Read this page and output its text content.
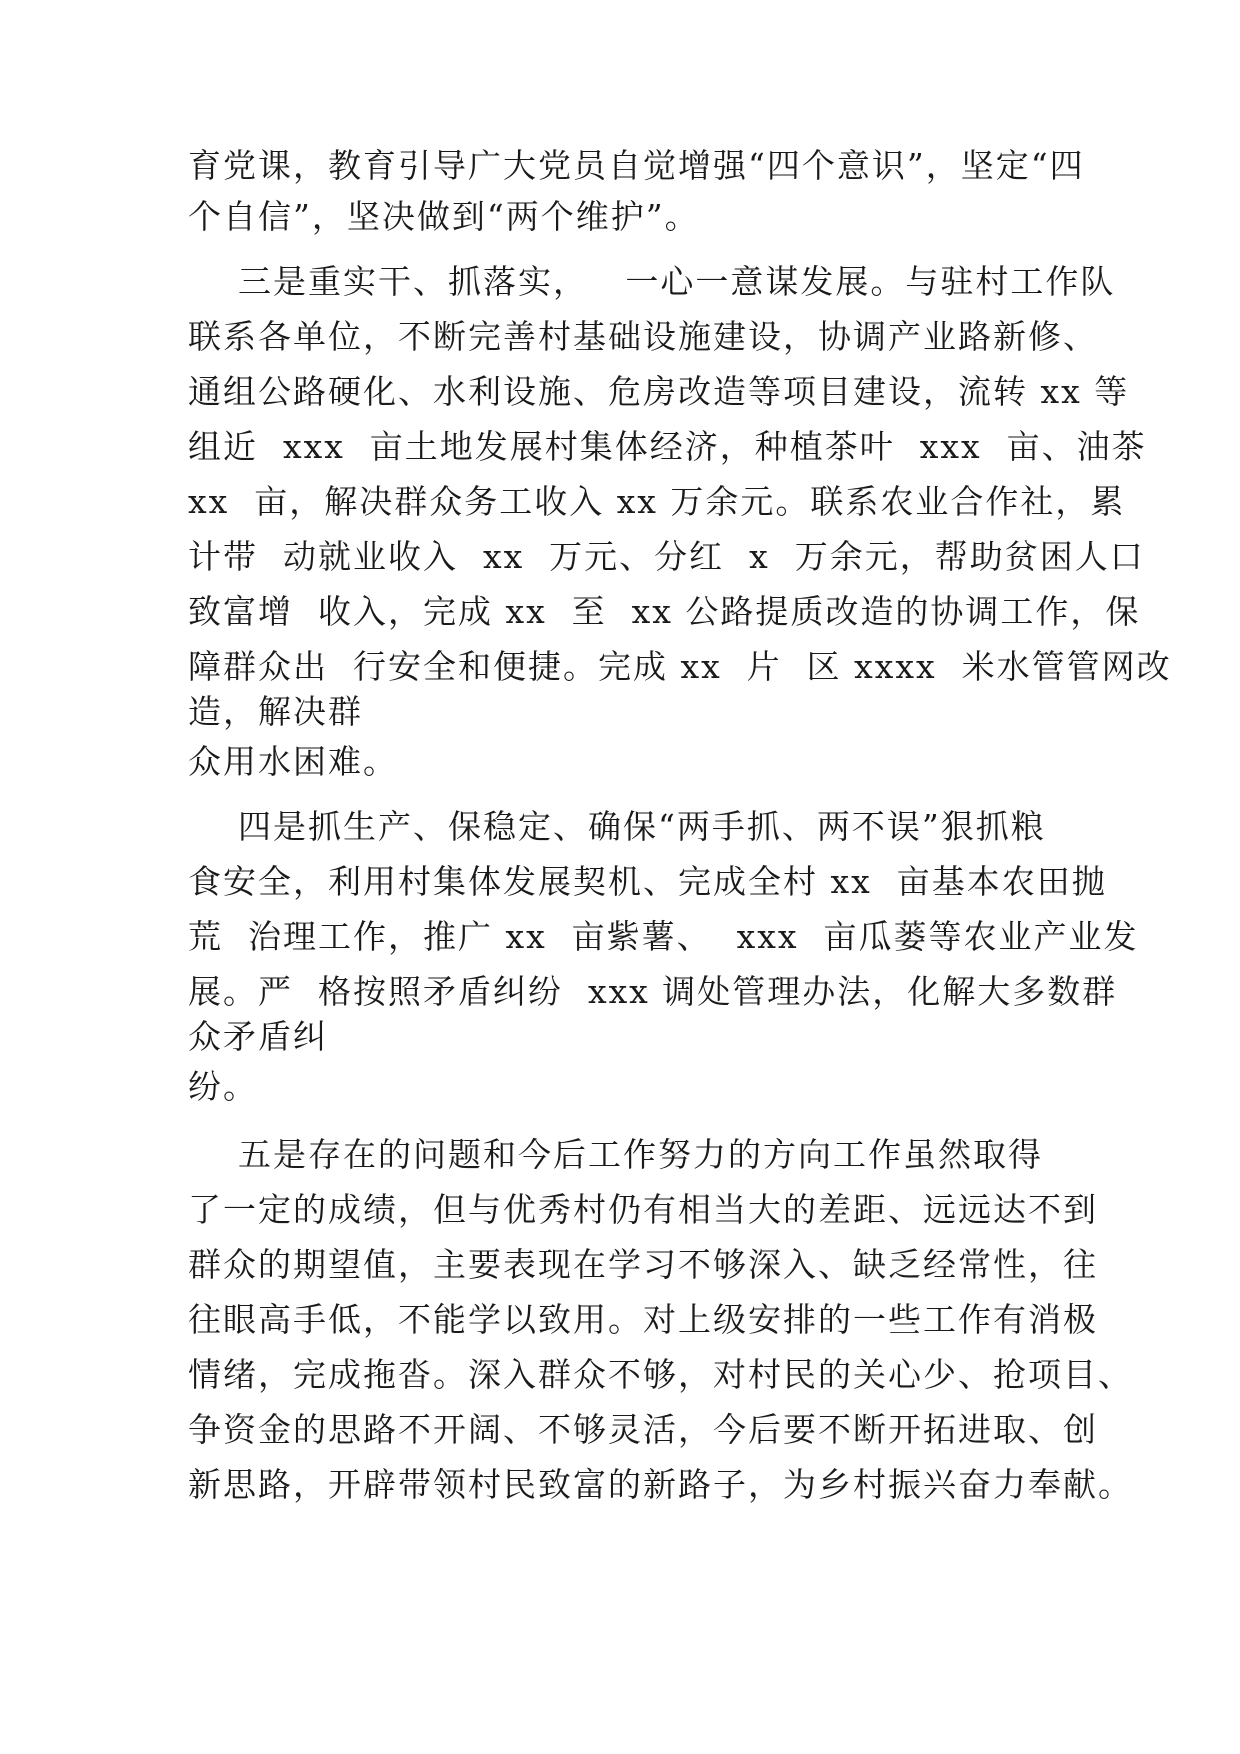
育党课，教育引导广大党员自觉增强“四个意识”，坚定“四
个自信”，坚决做到“两个维护”。
三是重实干、抓落实，   一心一意谋发展。与驻村工作队
联系各单位，不断完善村基础设施建设，协调产业路新修、
通组公路硬化、水利设施、危房改造等项目建设，流转 xx 等
组近  xxx  亩土地发展村集体经济，种植茶叶  xxx  亩、油茶
xx  亩，解决群众务工收入 xx 万余元。联系农业合作社，累
计带  动就业收入  xx  万元、分红  x  万余元，帮助贫困人口
致富增  收入，完成 xx  至  xx 公路提质改造的协调工作，保
障群众出  行安全和便捷。完成 xx  片  区 xxxx  米水管管网改
造，解决群
众用水困难。
四是抓生产、保稳定、确保“两手抓、两不误”狠抓粮
食安全，利用村集体发展契机、完成全村 xx  亩基本农田抛
荒  治理工作，推广 xx  亩紫薯、  xxx  亩瓜蒌等农业产业发
展。严  格按照矛盾纠纷  xxx 调处管理办法，化解大多数群
众矛盾纠
纷。
五是存在的问题和今后工作努力的方向工作虽然取得
了一定的成绩，但与优秀村仍有相当大的差距、远远达不到
群众的期望值，主要表现在学习不够深入、缺乏经常性，往
往眼高手低，不能学以致用。对上级安排的一些工作有消极
情绪，完成拖沓。深入群众不够，对村民的关心少、抢项目、
争资金的思路不开阔、不够灵活，今后要不断开拓进取、创
新思路，开辟带领村民致富的新路子，为乡村振兴奋力奉献。
